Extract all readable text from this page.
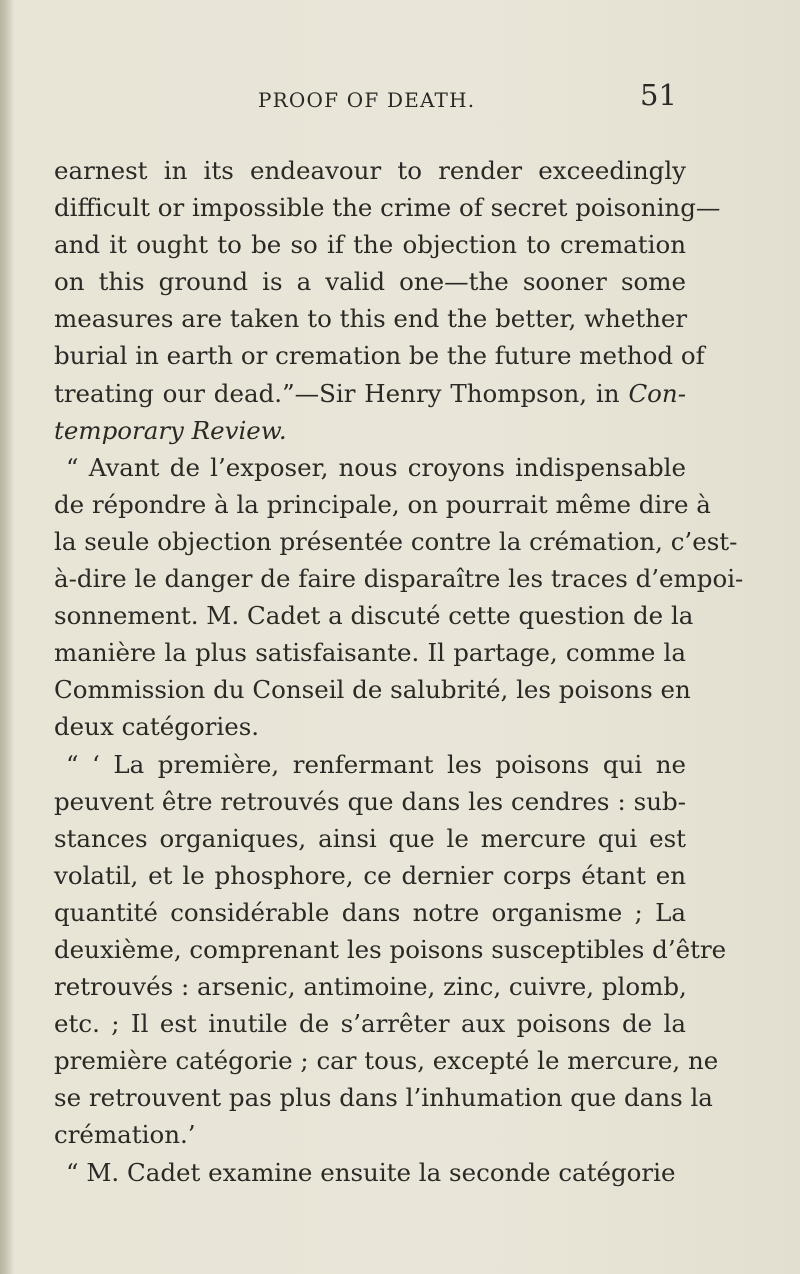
PROOF OF DEATH.	51
earnest in its endeavour to render exceedingly
difficult or impossible the crime of secret poisoning—
and it ought to be so if the objection to cremation
on this ground is a valid one—the sooner some
measures are taken to this end the better, whether
burial in earth or cremation be the future method of
treating our dead.”—Sir Henry Thompson, in Con-
temporary Review.
“ Avant de l’exposer, nous croyons indispensable
de répondre à la principale, on pourrait même dire à
la seule objection présentée contre la crémation, c’est-
à-dire le danger de faire disparaître les traces d’empoi-
sonnement. M. Cadet a discuté cette question de la
manière la plus satisfaisante. Il partage, comme la
Commission du Conseil de salubrité, les poisons en
deux catégories.
“ ‘ La première, renfermant les poisons qui ne
peuvent être retrouvés que dans les cendres : sub-
stances organiques, ainsi que le mercure qui est
volatil, et le phosphore, ce dernier corps étant en
quantité considérable dans notre organisme ; La
deuxième, comprenant les poisons susceptibles d’être
retrouvés : arsenic, antimoine, zinc, cuivre, plomb,
etc. ; Il est inutile de s’arrêter aux poisons de la
première catégorie ; car tous, excepté le mercure, ne
se retrouvent pas plus dans l’inhumation que dans la
crémation.’
“ M. Cadet examine ensuite la seconde catégorie
